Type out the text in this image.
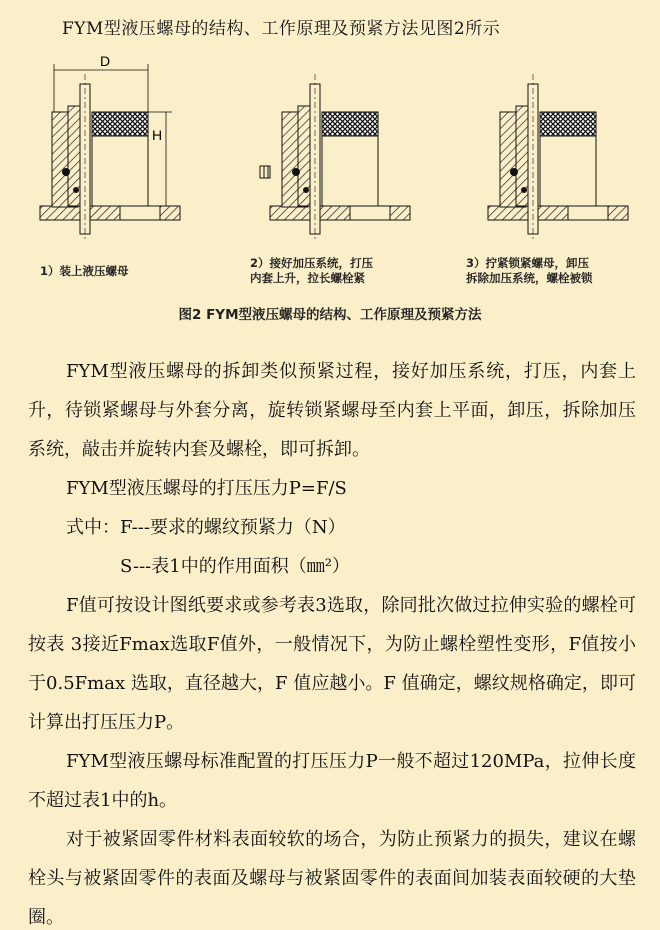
FYM型液压螺母的结构、工作原理及预紧方法见图2所示
D
H
1）装上液压螺母
2）接好加压系统，打压
内套上升，拉长螺栓紧
3）拧紧锁紧螺母，卸压
拆除加压系统，螺栓被锁
图2 FYM型液压螺母的结构、工作原理及预紧方法

FYM型液压螺母的拆卸类似预紧过程，接好加压系统，打压，内套上升，待锁紧螺母与外套分离，旋转锁紧螺母至内套上平面，卸压，拆除加压系统，敲击并旋转内套及螺栓，即可拆卸。

FYM型液压螺母的打压压力P=F/S

式中：F---要求的螺纹预紧力（N）

S---表1中的作用面积（㎜²）

F值可按设计图纸要求或参考表3选取，除同批次做过拉伸实验的螺栓可按表 3接近Fmax选取F值外，一般情况下，为防止螺栓塑性变形，F值按小于0.5Fmax 选取，直径越大，F 值应越小。F 值确定，螺纹规格确定，即可计算出打压压力P。

FYM型液压螺母标准配置的打压压力P一般不超过120MPa，拉伸长度不超过表1中的h。

对于被紧固零件材料表面较软的场合，为防止预紧力的损失，建议在螺栓头与被紧固零件的表面及螺母与被紧固零件的表面间加装表面较硬的大垫圈。
